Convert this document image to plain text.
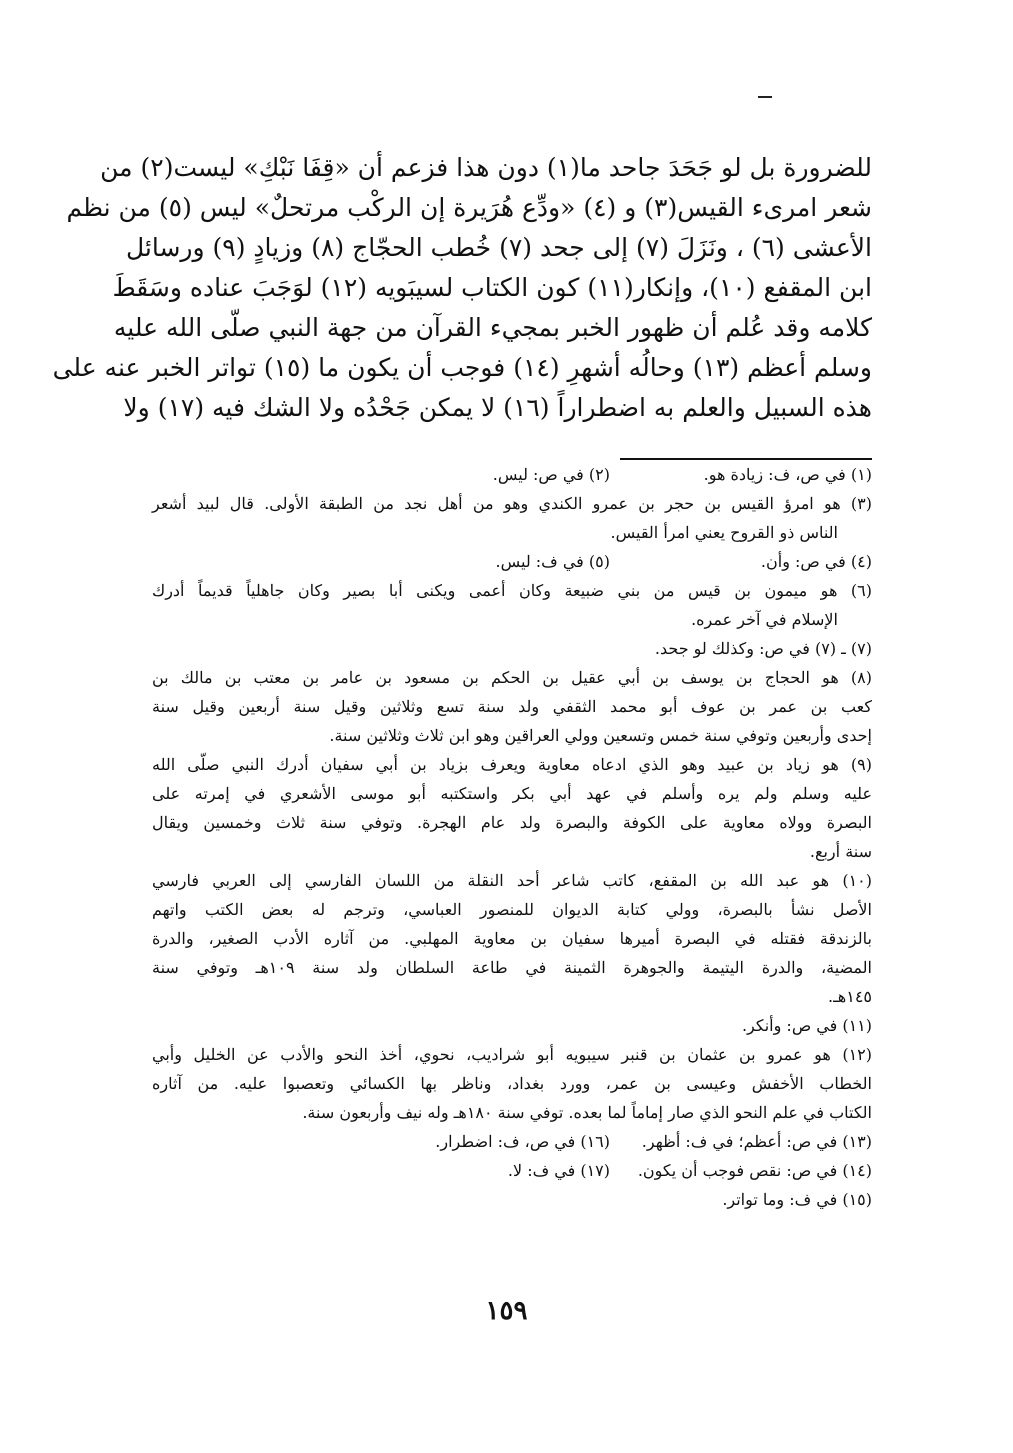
للضرورة بل لو جَحَدَ جاحد ما(١) دون هذا فزعم أن «قِفَا نَبْكِ» ليست(٢) من
شعر امرىء القيس(٣) و (٤) «ودِّع هُرَيرة إن الركْب مرتحلٌ» ليس (٥) من نظم
الأعشى (٦) ، ونَزَلَ (٧) إلى جحد (٧) خُطب الحجّاج (٨) وزيادٍ (٩) ورسائل
ابن المقفع (١٠)، وإنكار(١١) كون الكتاب لسيبَويه (١٢) لوَجَبَ عناده وسَقَطَ
كلامه وقد عُلم أن ظهور الخبر بمجيء القرآن من جهة النبي صلّى الله عليه
وسلم أعظم (١٣) وحالُه أشهرِ (١٤) فوجب أن يكون ما (١٥) تواتر الخبر عنه على
هذه السبيل والعلم به اضطراراً (١٦) لا يمكن جَحْدُه ولا الشك فيه (١٧) ولا
(١) في ص، ف: زيادة هو.
(٢) في ص: ليس.
(٣) هو امرؤ القيس بن حجر بن عمرو الكندي وهو من أهل نجد من الطبقة الأولى. قال لبيد أشعر
الناس ذو القروح يعني امرأ القيس.
(٤) في ص: وأن.
(٥) في ف: ليس.
(٦) هو ميمون بن قيس من بني ضبيعة وكان أعمى ويكنى أبا بصير وكان جاهلياً قديماً أدرك
الإسلام في آخر عمره.
(٧) ـ (٧) في ص: وكذلك لو جحد.
(٨) هو الحجاج بن يوسف بن أبي عقيل بن الحكم بن مسعود بن عامر بن معتب بن مالك بن
كعب بن عمر بن عوف أبو محمد الثقفي ولد سنة تسع وثلاثين وقيل سنة أربعين وقيل سنة
إحدى وأربعين وتوفي سنة خمس وتسعين وولي العراقين وهو ابن ثلاث وثلاثين سنة.
(٩) هو زياد بن عبيد وهو الذي ادعاه معاوية ويعرف بزياد بن أبي سفيان أدرك النبي صلّى الله
عليه وسلم ولم يره وأسلم في عهد أبي بكر واستكتبه أبو موسى الأشعري في إمرته على
البصرة وولاه معاوية على الكوفة والبصرة ولد عام الهجرة. وتوفي سنة ثلاث وخمسين ويقال
سنة أربع.
(١٠) هو عبد الله بن المقفع، كاتب شاعر أحد النقلة من اللسان الفارسي إلى العربي فارسي
الأصل نشأ بالبصرة، وولي كتابة الديوان للمنصور العباسي، وترجم له بعض الكتب واتهم
بالزندقة فقتله في البصرة أميرها سفيان بن معاوية المهلبي. من آثاره الأدب الصغير، والدرة
المضية، والدرة اليتيمة والجوهرة الثمينة في طاعة السلطان ولد سنة ١٠٩هـ وتوفي سنة
١٤٥هـ.
(١١) في ص: وأنكر.
(١٢) هو عمرو بن عثمان بن قنبر سيبويه أبو شراديب، نحوي، أخذ النحو والأدب عن الخليل وأبي
الخطاب الأخفش وعيسى بن عمر، وورد بغداد، وناظر بها الكسائي وتعصبوا عليه. من آثاره
الكتاب في علم النحو الذي صار إماماً لما بعده. توفي سنة ١٨٠هـ وله نيف وأربعون سنة.
(١٣) في ص: أعظم؛ في ف: أظهر.
(١٦) في ص، ف: اضطرار.
(١٤) في ص: نقص فوجب أن يكون.
(١٧) في ف: لا.
(١٥) في ف: وما تواتر.
١٥٩
